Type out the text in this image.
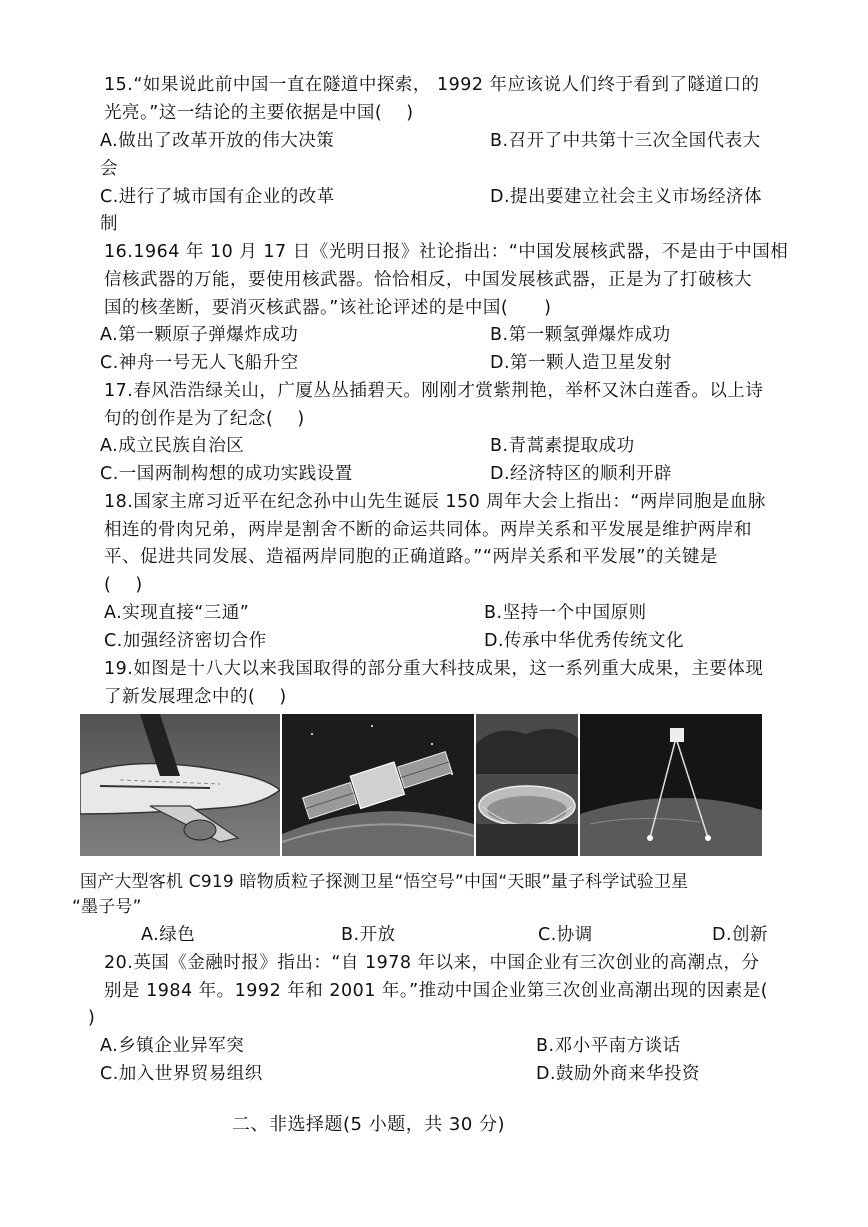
15.“如果说此前中国一直在隧道中探索， 1992 年应该说人们终于看到了隧道口的
光亮。”这一结论的主要依据是中国(　 )
A.做出了改革开放的伟大决策	B.召开了中共第十三次全国代表大
会
C.进行了城市国有企业的改革	D.提出要建立社会主义市场经济体
制
16.1964 年 10 月 17 日《光明日报》社论指出：“中国发展核武器，不是由于中国相
信核武器的万能，要使用核武器。恰恰相反，中国发展核武器，正是为了打破核大
国的核垄断，要消灭核武器。”该社论评述的是中国(　　)
A.第一颗原子弹爆炸成功	B.第一颗氢弹爆炸成功
C.神舟一号无人飞船升空	D.第一颗人造卫星发射
17.春风浩浩绿关山，广厦丛丛插碧天。刚刚才赏紫荆艳，举杯又沐白莲香。以上诗
句的创作是为了纪念(　 )
A.成立民族自治区	B.青蒿素提取成功
C.一国两制构想的成功实践设置	D.经济特区的顺利开辟
18.国家主席习近平在纪念孙中山先生诞辰 150 周年大会上指出：“两岸同胞是血脉
相连的骨肉兄弟，两岸是割舍不断的命运共同体。两岸关系和平发展是维护两岸和
平、促进共同发展、造福两岸同胞的正确道路。”“两岸关系和平发展”的关键是
(　 )
A.实现直接“三通”	B.坚持一个中国原则
C.加强经济密切合作	D.传承中华优秀传统文化
19.如图是十八大以来我国取得的部分重大科技成果，这一系列重大成果，主要体现
了新发展理念中的(　 )
国产大型客机 C919 暗物质粒子探测卫星“悟空号”中国“天眼”量子科学试验卫星
“墨子号”
A.绿色	B.开放	C.协调	D.创新
20.英国《金融时报》指出：“自 1978 年以来，中国企业有三次创业的高潮点，分
别是 1984 年。1992 年和 2001 年。”推动中国企业第三次创业高潮出现的因素是(
)
A.乡镇企业异军突	B.邓小平南方谈话
C.加入世界贸易组织	D.鼓励外商来华投资
二、非选择题(5 小题，共 30 分)
